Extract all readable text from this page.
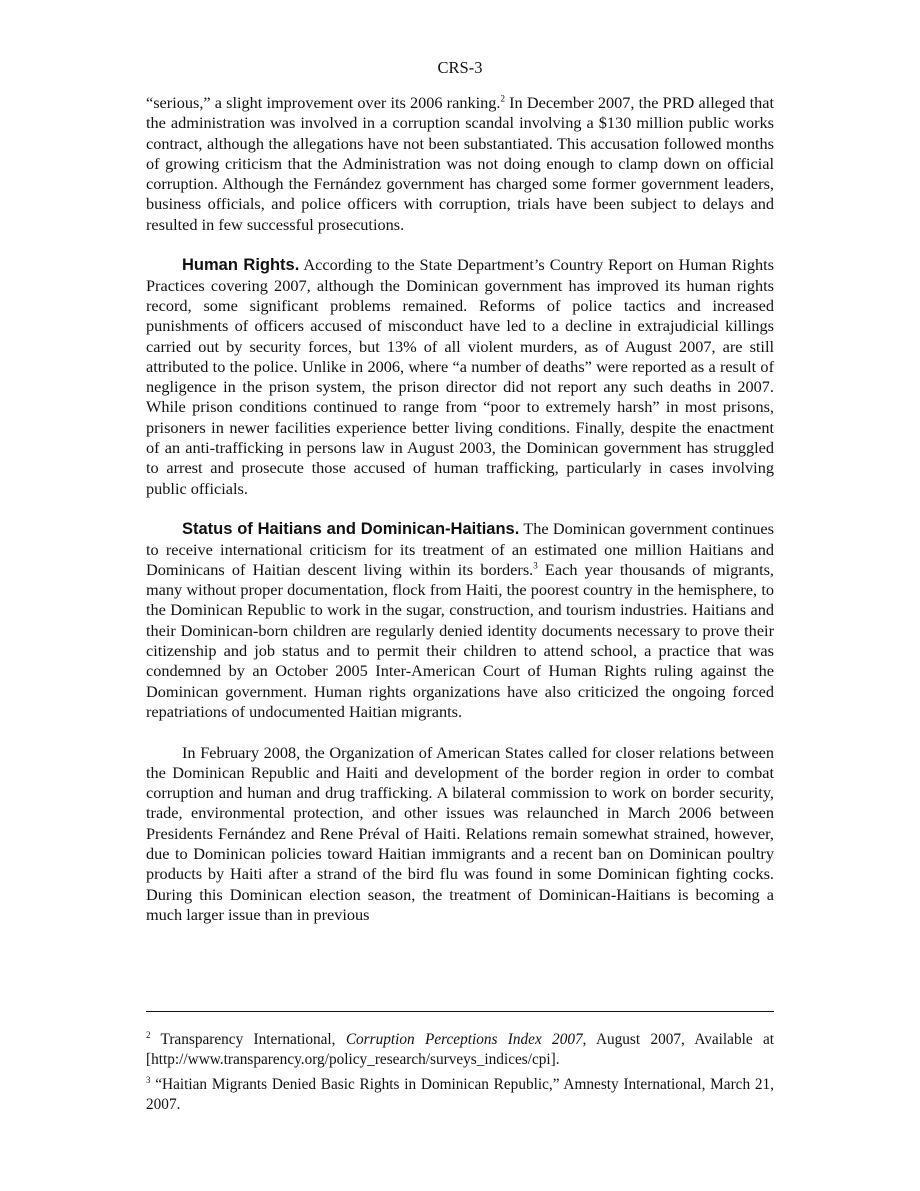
CRS-3

“serious,” a slight improvement over its 2006 ranking.$^2$ In December 2007, the PRD alleged that the administration was involved in a corruption scandal involving a $130 million public works contract, although the allegations have not been substantiated. This accusation followed months of growing criticism that the Administration was not doing enough to clamp down on official corruption. Although the Fernández government has charged some former government leaders, business officials, and police officers with corruption, trials have been subject to delays and resulted in few successful prosecutions.

Human Rights. According to the State Department’s Country Report on Human Rights Practices covering 2007, although the Dominican government has improved its human rights record, some significant problems remained. Reforms of police tactics and increased punishments of officers accused of misconduct have led to a decline in extrajudicial killings carried out by security forces, but 13% of all violent murders, as of August 2007, are still attributed to the police. Unlike in 2006, where “a number of deaths” were reported as a result of negligence in the prison system, the prison director did not report any such deaths in 2007. While prison conditions continued to range from “poor to extremely harsh” in most prisons, prisoners in newer facilities experience better living conditions. Finally, despite the enactment of an anti-trafficking in persons law in August 2003, the Dominican government has struggled to arrest and prosecute those accused of human trafficking, particularly in cases involving public officials.

Status of Haitians and Dominican-Haitians. The Dominican government continues to receive international criticism for its treatment of an estimated one million Haitians and Dominicans of Haitian descent living within its borders.$^3$ Each year thousands of migrants, many without proper documentation, flock from Haiti, the poorest country in the hemisphere, to the Dominican Republic to work in the sugar, construction, and tourism industries. Haitians and their Dominican-born children are regularly denied identity documents necessary to prove their citizenship and job status and to permit their children to attend school, a practice that was condemned by an October 2005 Inter-American Court of Human Rights ruling against the Dominican government. Human rights organizations have also criticized the ongoing forced repatriations of undocumented Haitian migrants.

In February 2008, the Organization of American States called for closer relations between the Dominican Republic and Haiti and development of the border region in order to combat corruption and human and drug trafficking. A bilateral commission to work on border security, trade, environmental protection, and other issues was relaunched in March 2006 between Presidents Fernández and Rene Préval of Haiti. Relations remain somewhat strained, however, due to Dominican policies toward Haitian immigrants and a recent ban on Dominican poultry products by Haiti after a strand of the bird flu was found in some Dominican fighting cocks. During this Dominican election season, the treatment of Dominican-Haitians is becoming a much larger issue than in previous

$^2$ Transparency International, Corruption Perceptions Index 2007, August 2007, Available at [http://www.transparency.org/policy_research/surveys_indices/cpi].

$^3$ “Haitian Migrants Denied Basic Rights in Dominican Republic,” Amnesty International, March 21, 2007.
